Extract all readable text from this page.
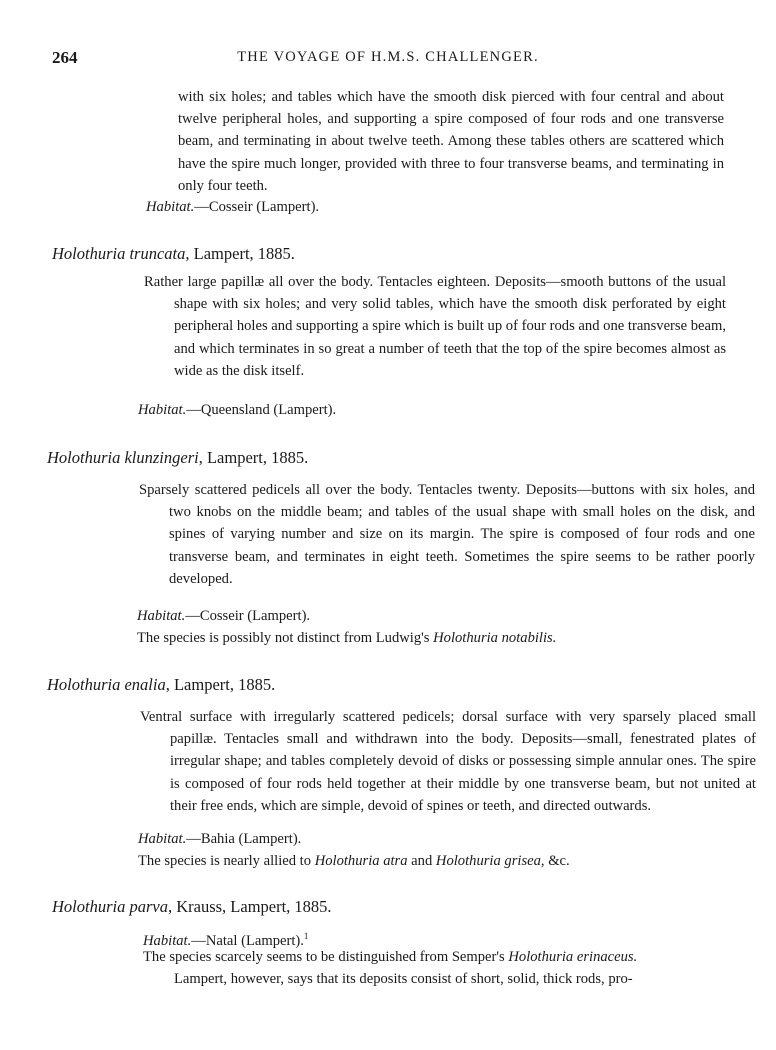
264	THE VOYAGE OF H.M.S. CHALLENGER.
with six holes; and tables which have the smooth disk pierced with four central and about twelve peripheral holes, and supporting a spire composed of four rods and one transverse beam, and terminating in about twelve teeth. Among these tables others are scattered which have the spire much longer, provided with three to four transverse beams, and terminating in only four teeth.
Habitat.—Cosseir (Lampert).
Holothuria truncata, Lampert, 1885.
Rather large papillæ all over the body. Tentacles eighteen. Deposits—smooth buttons of the usual shape with six holes; and very solid tables, which have the smooth disk perforated by eight peripheral holes and supporting a spire which is built up of four rods and one transverse beam, and which terminates in so great a number of teeth that the top of the spire becomes almost as wide as the disk itself.
Habitat.—Queensland (Lampert).
Holothuria klunzingeri, Lampert, 1885.
Sparsely scattered pedicels all over the body. Tentacles twenty. Deposits—buttons with six holes, and two knobs on the middle beam; and tables of the usual shape with small holes on the disk, and spines of varying number and size on its margin. The spire is composed of four rods and one transverse beam, and terminates in eight teeth. Sometimes the spire seems to be rather poorly developed.
Habitat.—Cosseir (Lampert).
The species is possibly not distinct from Ludwig's Holothuria notabilis.
Holothuria enalia, Lampert, 1885.
Ventral surface with irregularly scattered pedicels; dorsal surface with very sparsely placed small papillæ. Tentacles small and withdrawn into the body. Deposits—small, fenestrated plates of irregular shape; and tables completely devoid of disks or possessing simple annular ones. The spire is composed of four rods held together at their middle by one transverse beam, but not united at their free ends, which are simple, devoid of spines or teeth, and directed outwards.
Habitat.—Bahia (Lampert).
The species is nearly allied to Holothuria atra and Holothuria grisea, &c.
Holothuria parva, Krauss, Lampert, 1885.
Habitat.—Natal (Lampert).$^1$
The species scarcely seems to be distinguished from Semper's Holothuria erinaceus.
Lampert, however, says that its deposits consist of short, solid, thick rods, pro-
